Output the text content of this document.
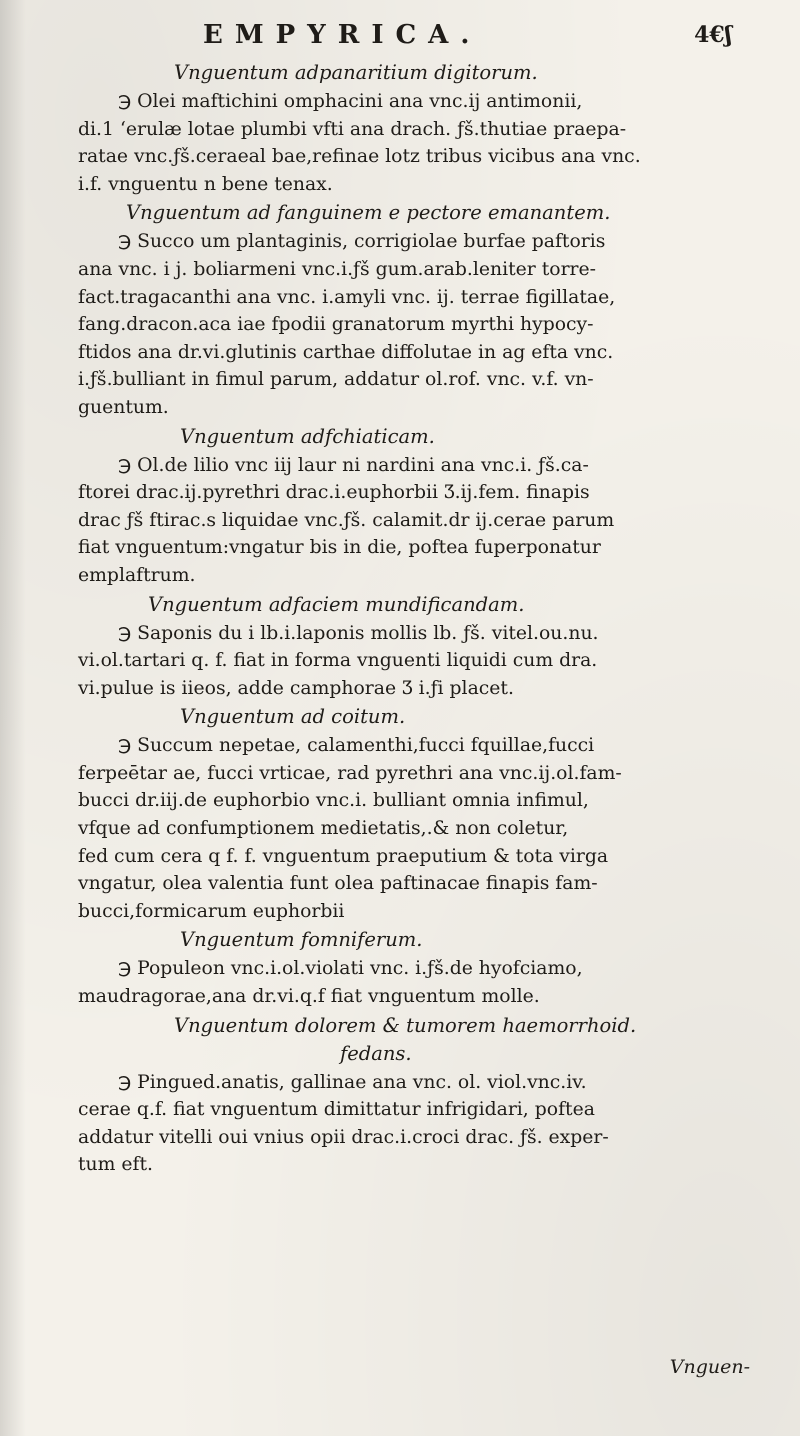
EMPYRICA.	4€ʃ
Vnguentum adpanaritium digitorum.
℈ Olei maftichini omphacini ana vnc.ij antimonii,
di.1 ʻerulæ lotae plumbi vfti ana drach. ƒš.thutiae praepa-
ratae vnc.ƒš.ceraeal bae,refinae lotz tribus vicibus ana vnc.
i.f. vnguentu n bene tenax.
Vnguentum ad fanguinem e pectore emanantem.
℈ Succo um plantaginis, corrigiolae burfae paftoris
ana vnc. i j. boliarmeni vnc.i.ƒš gum.arab.leniter torre-
fact.tragacanthi ana vnc. i.amyli vnc. ij. terrae figillatae,
fang.dracon.aca iae fpodii granatorum myrthi hypocy-
ftidos ana dr.vi.glutinis carthae diffolutae in ag efta vnc.
i.ƒš.bulliant in fimul parum, addatur ol.rof. vnc. v.f. vn-
guentum.
Vnguentum adfchiaticam.
℈ Ol.de lilio vnc iij laur ni nardini ana vnc.i. ƒš.ca-
ftorei drac.ij.pyrethri drac.i.euphorbii Ʒ.ij.fem. finapis
drac ƒš ftirac.s liquidae vnc.ƒš. calamit.dr ij.cerae parum
fiat vnguentum:vngatur bis in die, poftea fuperponatur
emplaftrum.
Vnguentum adfaciem mundificandam.
℈ Saponis du i lb.i.laponis mollis lb. ƒš. vitel.ou.nu.
vi.ol.tartari q. f. fiat in forma vnguenti liquidi cum dra.
vi.pulue is iieos, adde camphorae Ʒ i.ƒi placet.
Vnguentum ad coitum.
℈ Succum nepetae, calamenthi,fucci fquillae,fucci
ferpeētar ae, fucci vrticae, rad pyrethri ana vnc.ij.ol.fam-
bucci dr.iij.de euphorbio vnc.i. bulliant omnia infimul,
vfque ad confumptionem medietatis,.& non coletur,
fed cum cera q f. f. vnguentum praeputium & tota virga
vngatur, olea valentia funt olea paftinacae finapis fam-
bucci,formicarum euphorbii
Vnguentum fomniferum.
℈ Populeon vnc.i.ol.violati vnc. i.ƒš.de hyofciamo,
maudragorae,ana dr.vi.q.f fiat vnguentum molle.
Vnguentum dolorem & tumorem haemorrhoid.
fedans.
℈ Pingued.anatis, gallinae ana vnc. ol. viol.vnc.iv.
cerae q.f. fiat vnguentum dimittatur infrigidari, poftea
addatur vitelli oui vnius opii drac.i.croci drac. ƒš. exper-
tum eft.
Vnguen-
